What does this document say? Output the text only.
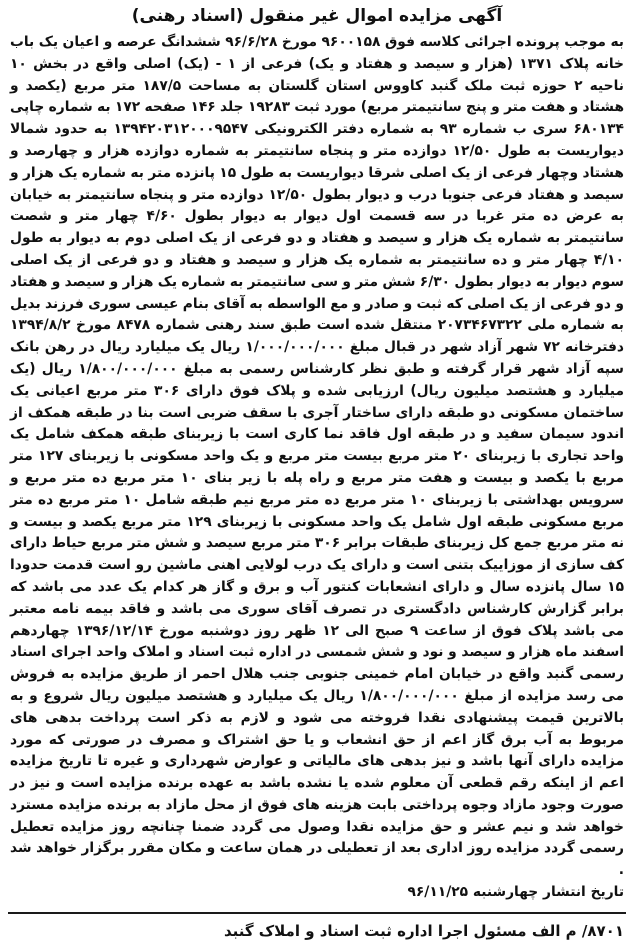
آگهی مزایده اموال غیر منقول (اسناد رهنی)

به موجب پرونده اجرائی کلاسه فوق ۹۶۰۰۱۵۸ مورخ ۹۶/۶/۲۸ ششدانگ عرصه و اعیان یک باب خانه پلاک ۱۳۷۱ (هزار و سیصد و هفتاد و یک) فرعی از ۱ - (یک) اصلی واقع در بخش ۱۰ ناحیه ۲ حوزه ثبت ملک گنبد کاووس استان گلستان به مساحت ۱۸۷/۵ متر مربع (یکصد و هشتاد و هفت متر و پنج سانتیمتر مربع) مورد ثبت ۱۹۲۸۳ جلد ۱۴۶ صفحه ۱۷۲ به شماره چاپی ۶۸۰۱۳۴ سری ب شماره ۹۳ به شماره دفتر الکترونیکی ۱۳۹۴۲۰۳۱۲۰۰۰۹۵۴۷ به حدود شمالا دیواریست به طول ۱۲/۵۰ دوازده متر و پنجاه سانتیمتر به شماره دوازده هزار و چهارصد و هشتاد وچهار فرعی از یک اصلی شرقا دیواریست به طول ۱۵ پانزده متر به شماره یک هزار و سیصد و هفتاد فرعی جنوبا درب و دیوار بطول ۱۲/۵۰ دوازده متر و پنجاه سانتیمتر به خیابان به عرض ده متر غربا در سه قسمت اول دیوار به دیوار بطول ۴/۶۰ چهار متر و شصت سانتیمتر به شماره یک هزار و سیصد و هفتاد و دو فرعی از یک اصلی دوم به دیوار به طول ۴/۱۰ چهار متر و ده سانتیمتر به شماره یک هزار و سیصد و هفتاد و دو فرعی از یک اصلی سوم دیوار به دیوار بطول ۶/۳۰ شش متر و سی سانتیمتر به شماره یک هزار و سیصد و هفتاد و دو فرعی از یک اصلی که ثبت و صادر و مع الواسطه به آقای بنام عیسی سوری فرزند بدیل به شماره ملی ۲۰۷۳۴۶۷۳۲۲ منتقل شده است طبق سند رهنی شماره ۸۴۷۸ مورخ ۱۳۹۴/۸/۲ دفترخانه ۷۲ شهر آزاد شهر در قبال مبلغ ۱/۰۰۰/۰۰۰/۰۰۰ ریال یک میلیارد ریال در رهن بانک سپه آزاد شهر قرار گرفته و طبق نظر کارشناس رسمی به مبلغ ۱/۸۰۰/۰۰۰/۰۰۰ ریال (یک میلیارد و هشتصد میلیون ریال) ارزیابی شده و پلاک فوق دارای ۳۰۶ متر مربع اعیانی یک ساختمان مسکونی دو طبقه دارای ساختار آجری با سقف ضربی است بنا در طبقه همکف از اندود سیمان سفید و در طبقه اول فاقد نما کاری است با زیربنای طبقه همکف شامل یک واحد تجاری با زیربنای ۲۰ متر مربع بیست متر مربع و یک واحد مسکونی با زیربنای ۱۲۷ متر مربع با یکصد و بیست و هفت متر مربع و راه پله با زیر بنای ۱۰ متر مربع ده متر مربع و سرویس بهداشتی با زیربنای ۱۰ متر مربع ده متر مربع نیم طبقه شامل ۱۰ متر مربع ده متر مربع مسکونی طبقه اول شامل یک واحد مسکونی با زیربنای ۱۲۹ متر مربع یکصد و بیست و نه متر مربع جمع کل زیربنای طبقات برابر ۳۰۶ متر مربع سیصد و شش متر مربع حیاط دارای کف سازی از موزاییک بتنی است و دارای یک درب لولایی اهنی ماشین رو است قدمت حدودا ۱۵ سال پانزده سال و دارای انشعابات کنتور آب و برق و گاز هر کدام یک عدد می باشد که برابر گزارش کارشناس دادگستری در تصرف آقای سوری می باشد و فاقد بیمه نامه معتبر می باشد پلاک فوق از ساعت ۹ صبح الی ۱۲ ظهر روز دوشنبه مورخ ۱۳۹۶/۱۲/۱۴ چهاردهم اسفند ماه هزار و سیصد و نود و شش شمسی در اداره ثبت اسناد و املاک واحد اجرای اسناد رسمی گنبد واقع در خیابان امام خمینی جنوبی جنب هلال احمر از طریق مزایده به فروش می رسد مزایده از مبلغ ۱/۸۰۰/۰۰۰/۰۰۰ ریال یک میلیارد و هشتصد میلیون ریال شروع و به بالاترین قیمت پیشنهادی نقدا فروخته می شود و لازم به ذکر است پرداخت بدهی های مربوط به آب برق گاز اعم از حق انشعاب و یا حق اشتراک و مصرف در صورتی که مورد مزایده دارای آنها باشد و نیز بدهی های مالیاتی و عوارض شهرداری و غیره تا تاریخ مزایده اعم از اینکه رقم قطعی آن معلوم شده یا نشده باشد به عهده برنده مزایده است و نیز در صورت وجود مازاد وجوه پرداختی بابت هزینه های فوق از محل مازاد به برنده مزایده مسترد خواهد شد و نیم عشر و حق مزایده نقدا وصول می گردد ضمنا چنانچه روز مزایده تعطیل رسمی گردد مزایده روز اداری بعد از تعطیلی در همان ساعت و مکان مقرر برگزار خواهد شد .

تاریخ انتشار چهارشنبه ۹۶/۱۱/۲۵

۸۷۰۱/ م الف مسئول اجرا اداره ثبت اسناد و املاک گنبد
